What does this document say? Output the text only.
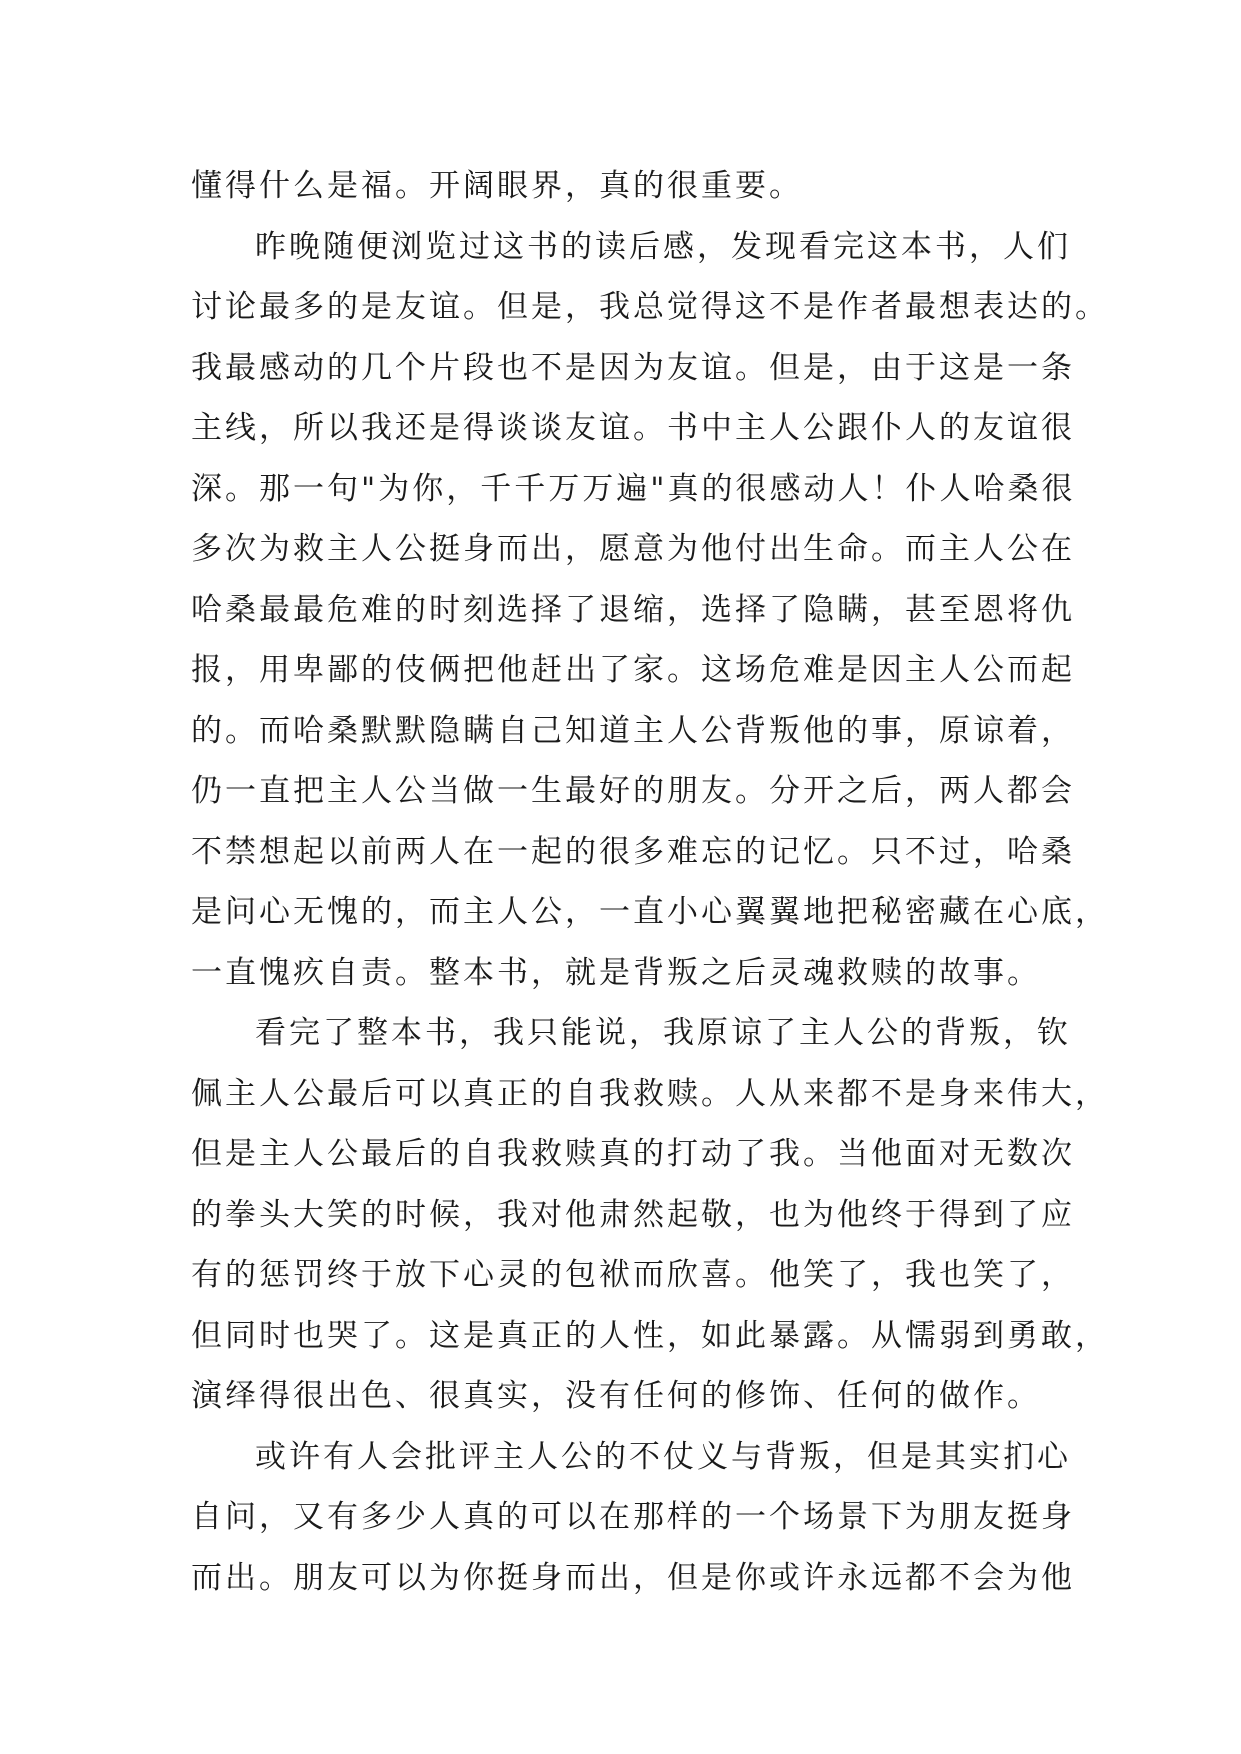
懂得什么是福。开阔眼界，真的很重要。
昨晚随便浏览过这书的读后感，发现看完这本书，人们
讨论最多的是友谊。但是，我总觉得这不是作者最想表达的。
我最感动的几个片段也不是因为友谊。但是，由于这是一条
主线，所以我还是得谈谈友谊。书中主人公跟仆人的友谊很
深。那一句"为你，千千万万遍"真的很感动人！仆人哈桑很
多次为救主人公挺身而出，愿意为他付出生命。而主人公在
哈桑最最危难的时刻选择了退缩，选择了隐瞒，甚至恩将仇
报，用卑鄙的伎俩把他赶出了家。这场危难是因主人公而起
的。而哈桑默默隐瞒自己知道主人公背叛他的事，原谅着，
仍一直把主人公当做一生最好的朋友。分开之后，两人都会
不禁想起以前两人在一起的很多难忘的记忆。只不过，哈桑
是问心无愧的，而主人公，一直小心翼翼地把秘密藏在心底，
一直愧疚自责。整本书，就是背叛之后灵魂救赎的故事。
看完了整本书，我只能说，我原谅了主人公的背叛，钦
佩主人公最后可以真正的自我救赎。人从来都不是身来伟大，
但是主人公最后的自我救赎真的打动了我。当他面对无数次
的拳头大笑的时候，我对他肃然起敬，也为他终于得到了应
有的惩罚终于放下心灵的包袱而欣喜。他笑了，我也笑了，
但同时也哭了。这是真正的人性，如此暴露。从懦弱到勇敢，
演绎得很出色、很真实，没有任何的修饰、任何的做作。
或许有人会批评主人公的不仗义与背叛，但是其实扪心
自问，又有多少人真的可以在那样的一个场景下为朋友挺身
而出。朋友可以为你挺身而出，但是你或许永远都不会为他
